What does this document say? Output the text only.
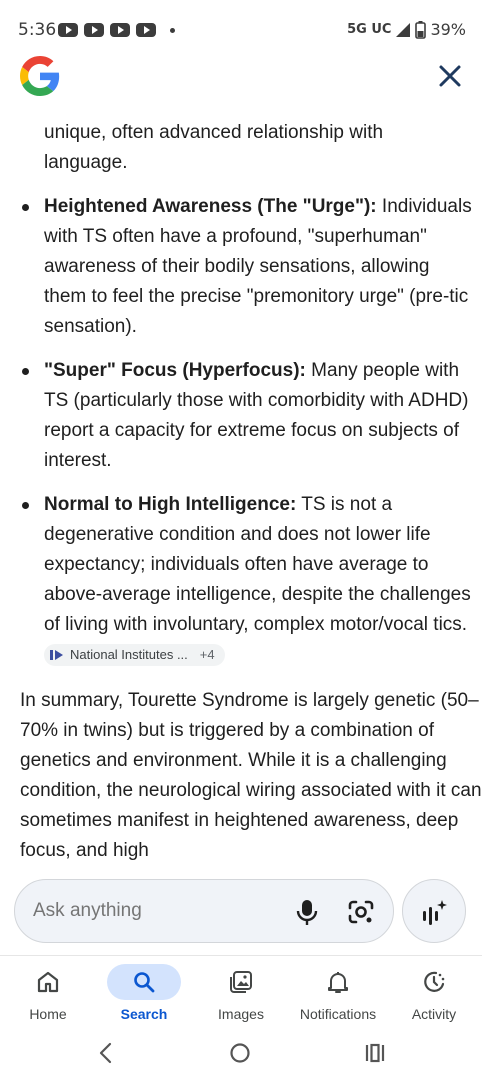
5:36	5G UC 39%

unique, often advanced relationship with language.

Heightened Awareness (The "Urge"): Individuals with TS often have a profound, "superhuman" awareness of their bodily sensations, allowing them to feel the precise "premonitory urge" (pre-tic sensation).
"Super" Focus (Hyperfocus): Many people with TS (particularly those with comorbidity with ADHD) report a capacity for extreme focus on subjects of interest.
Normal to High Intelligence: TS is not a degenerative condition and does not lower life expectancy; individuals often have average to above-average intelligence, despite the challenges of living with involuntary, complex motor/vocal tics.
National Institutes ... +4

In summary, Tourette Syndrome is largely genetic (50–70% in twins) but is triggered by a combination of genetics and environment. While it is a challenging condition, the neurological wiring associated with it can sometimes manifest in heightened awareness, deep focus, and high

Ask anything
Home	Search	Images	Notifications	Activity
